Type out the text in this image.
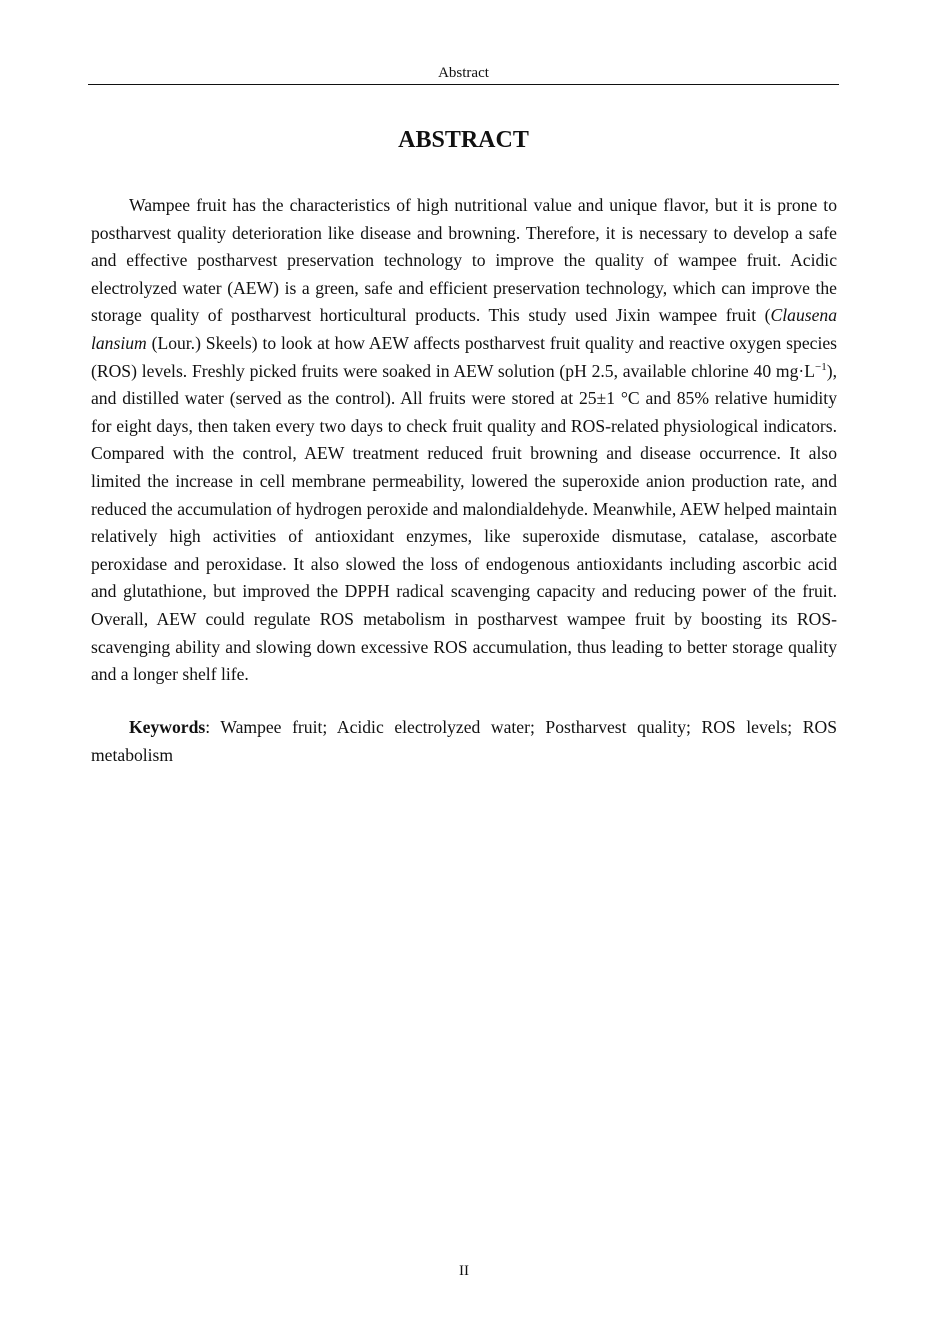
Abstract
ABSTRACT

Wampee fruit has the characteristics of high nutritional value and unique flavor, but it is prone to postharvest quality deterioration like disease and browning. Therefore, it is necessary to develop a safe and effective postharvest preservation technology to improve the quality of wampee fruit. Acidic electrolyzed water (AEW) is a green, safe and efficient preservation technology, which can improve the storage quality of postharvest horticultural products. This study used Jixin wampee fruit (Clausena lansium (Lour.) Skeels) to look at how AEW affects postharvest fruit quality and reactive oxygen species (ROS) levels. Freshly picked fruits were soaked in AEW solution (pH 2.5, available chlorine 40 $mg\cdot L^{-1}$), and distilled water (served as the control). All fruits were stored at 25±1 °C and 85% relative humidity for eight days, then taken every two days to check fruit quality and ROS-related physiological indicators. Compared with the control, AEW treatment reduced fruit browning and disease occurrence. It also limited the increase in cell membrane permeability, lowered the superoxide anion production rate, and reduced the accumulation of hydrogen peroxide and malondialdehyde. Meanwhile, AEW helped maintain relatively high activities of antioxidant enzymes, like superoxide dismutase, catalase, ascorbate peroxidase and peroxidase. It also slowed the loss of endogenous antioxidants including ascorbic acid and glutathione, but improved the DPPH radical scavenging capacity and reducing power of the fruit. Overall, AEW could regulate ROS metabolism in postharvest wampee fruit by boosting its ROS-scavenging ability and slowing down excessive ROS accumulation, thus leading to better storage quality and a longer shelf life.

Keywords: Wampee fruit; Acidic electrolyzed water; Postharvest quality; ROS levels; ROS metabolism

II
